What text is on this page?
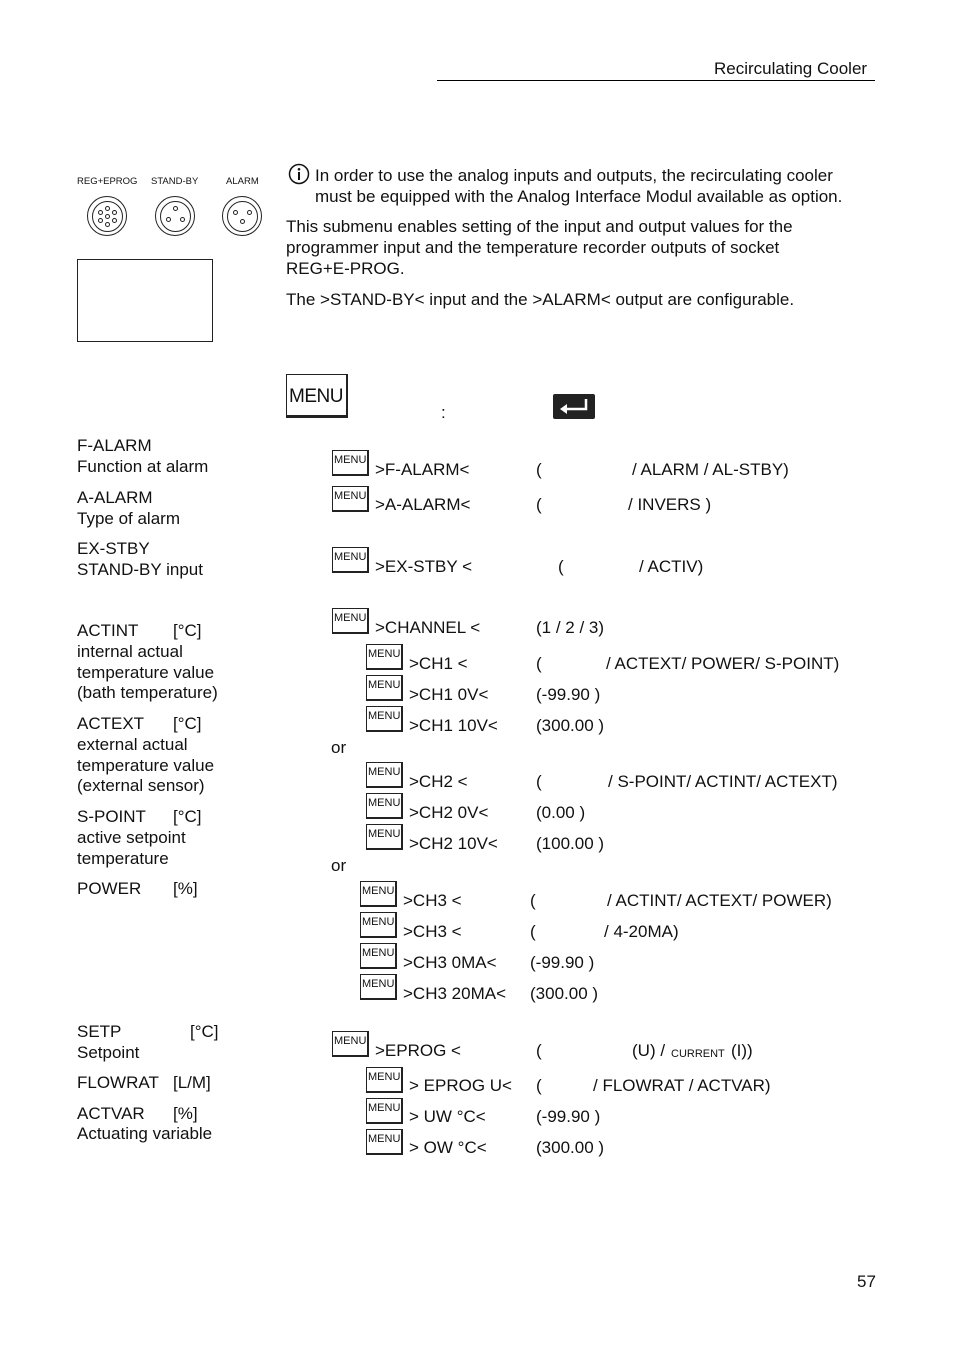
Recirculating Cooler
REG+EPROG STAND-BY	ALARM	In order to use the analog inputs and outputs, the recirculating cooler
must be equipped with the Analog Interface Modul available as option.
This submenu enables setting of the input and output values for the
programmer input and the temperature recorder outputs of socket
REG+E-PROG.
The >STAND-BY< input and the >ALARM< output are configurable.
MENU
:
F-ALARM
Function at alarm
A-ALARM
Type of alarm
EX-STBY
STAND-BY input
ACTINT [°C]
internal actual
temperature value
(bath temperature)
ACTEXT [°C]
external actual
temperature value
(external sensor)
S-POINT [°C]
active setpoint
temperature
POWER [%]
SETP	[°C]
Setpoint
FLOWRAT [L/M]
ACTVAR [%]
Actuating variable
MENU >F-ALARM<	(	/ ALARM / AL-STBY)
MENU >A-ALARM<	(	/ INVERS )
MENU >EX-STBY <	(	/ ACTIV)
MENU >CHANNEL <	(1 / 2 / 3)
MENU >CH1 <	(	/ ACTEXT/ POWER/ S-POINT)
MENU >CH1 0V<	(-99.90 )
MENU >CH1 10V< (300.00 )
or
MENU >CH2 <	(	/ S-POINT/ ACTINT/ ACTEXT)
MENU >CH2 0V<	(0.00 )
MENU >CH2 10V< (100.00 )
or
MENU >CH3 <	(	/ ACTINT/ ACTEXT/ POWER)
MENU >CH3 <	(	/ 4-20MA)
MENU >CH3 0MA< (-99.90 )
MENU >CH3 20MA< (300.00 )
MENU >EPROG <	(	(U) / CURRENT (I))
MENU > EPROG U< (	/ FLOWRAT / ACTVAR)
MENU > UW °C<	(-99.90 )
MENU > OW °C<	(300.00 )
57
